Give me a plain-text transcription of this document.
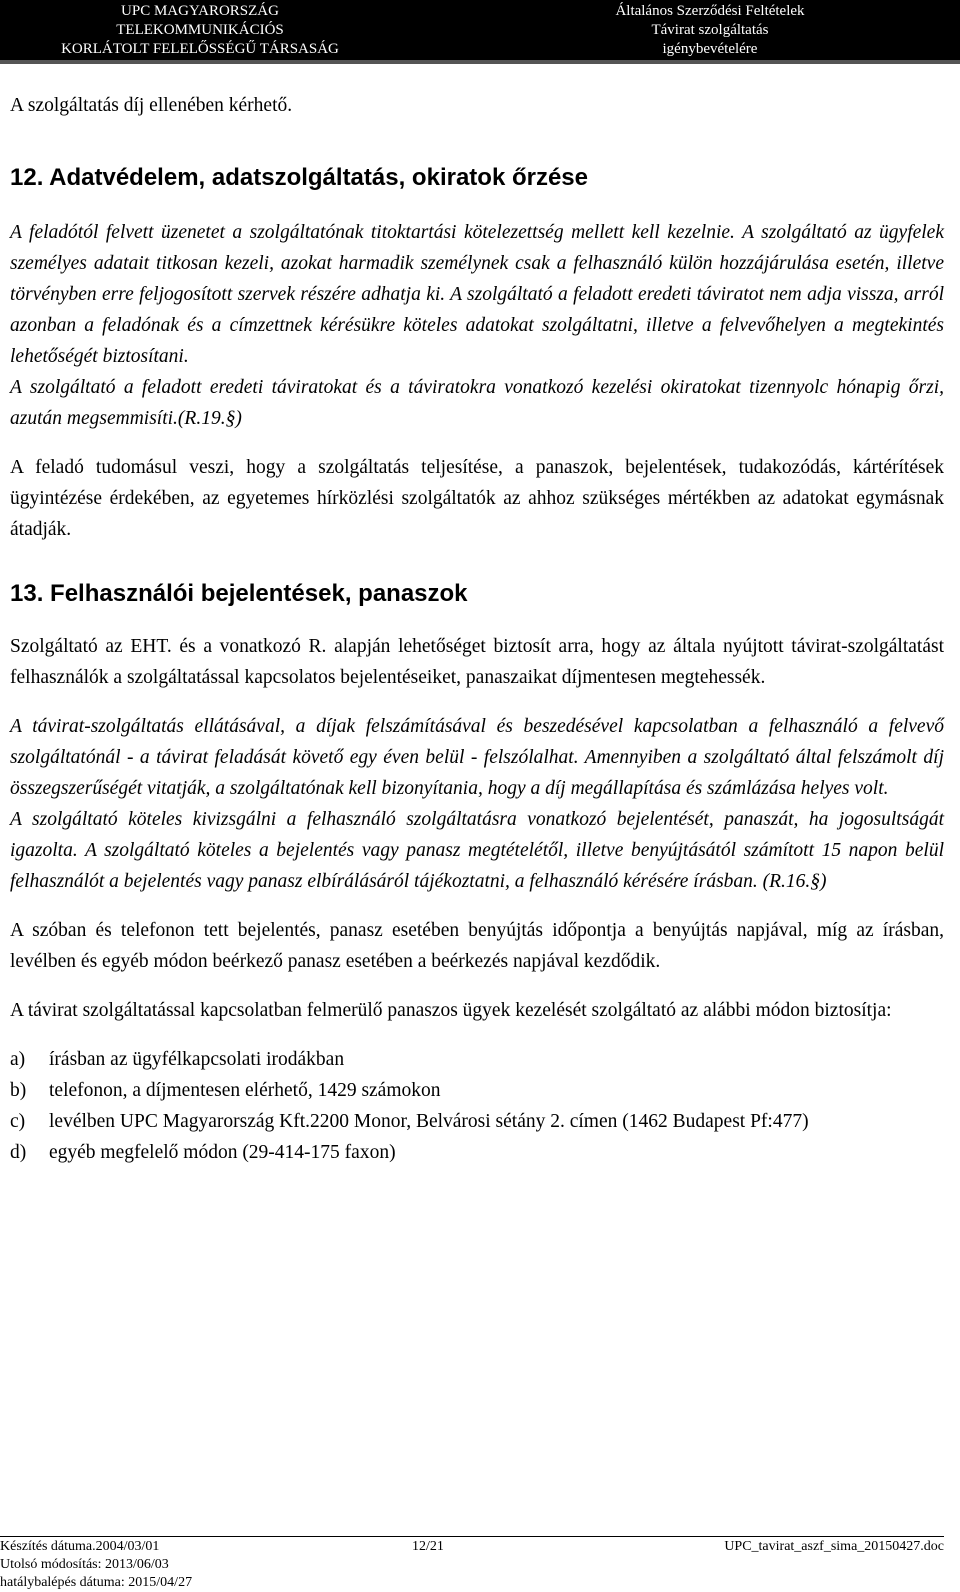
UPC MAGYARORSZÁG
TELEKOMMUNIKÁCIÓS
KORLÁTOLT FELELŐSSÉGŰ TÁRSASÁG
Általános Szerződési Feltételek
Távirat szolgáltatás
igénybevételére

A szolgáltatás díj ellenében kérhető.

12. Adatvédelem, adatszolgáltatás, okiratok őrzése

A feladótól felvett üzenetet a szolgáltatónak titoktartási kötelezettség mellett kell kezelnie. A szolgáltató az ügyfelek személyes adatait titkosan kezeli, azokat harmadik személynek csak a felhasználó külön hozzájárulása esetén, illetve törvényben erre feljogosított szervek részére adhatja ki. A szolgáltató a feladott eredeti táviratot nem adja vissza, arról azonban a feladónak és a címzettnek kérésükre köteles adatokat szolgáltatni, illetve a felvevőhelyen a megtekintés lehetőségét biztosítani.

A szolgáltató a feladott eredeti táviratokat és a táviratokra vonatkozó kezelési okiratokat tizennyolc hónapig őrzi, azután megsemmisíti.(R.19.§)

A feladó tudomásul veszi, hogy a szolgáltatás teljesítése, a panaszok, bejelentések, tudakozódás, kártérítések ügyintézése érdekében, az egyetemes hírközlési szolgáltatók az ahhoz szükséges mértékben az adatokat egymásnak átadják.

13. Felhasználói bejelentések, panaszok

Szolgáltató az EHT. és a vonatkozó R. alapján lehetőséget biztosít arra, hogy az általa nyújtott távirat-szolgáltatást felhasználók a szolgáltatással kapcsolatos bejelentéseiket, panaszaikat díjmentesen megtehessék.

A távirat-szolgáltatás ellátásával, a díjak felszámításával és beszedésével kapcsolatban a felhasználó a felvevő szolgáltatónál - a távirat feladását követő egy éven belül - felszólalhat. Amennyiben a szolgáltató által felszámolt díj összegszerűségét vitatják, a szolgáltatónak kell bizonyítania, hogy a díj megállapítása és számlázása helyes volt.

A szolgáltató köteles kivizsgálni a felhasználó szolgáltatásra vonatkozó bejelentését, panaszát, ha jogosultságát igazolta. A szolgáltató köteles a bejelentés vagy panasz megtételétől, illetve benyújtásától számított 15 napon belül felhasználót a bejelentés vagy panasz elbírálásáról tájékoztatni, a felhasználó kérésére írásban. (R.16.§)

A szóban és telefonon tett bejelentés, panasz esetében benyújtás időpontja a benyújtás napjával, míg az írásban, levélben és egyéb módon beérkező panasz esetében a beérkezés napjával kezdődik.

A távirat szolgáltatással kapcsolatban felmerülő panaszos ügyek kezelését szolgáltató az alábbi módon biztosítja:

a) írásban az ügyfélkapcsolati irodákban
b) telefonon, a díjmentesen elérhető, 1429 számokon
c) levélben UPC Magyarország Kft.2200 Monor, Belvárosi sétány 2. címen (1462 Budapest Pf:477)
d) egyéb megfelelő módon (29-414-175 faxon)
Készítés dátuma.2004/03/01
Utolsó módosítás: 2013/06/03
hatálybalépés dátuma: 2015/04/27
12/21	UPC_tavirat_aszf_sima_20150427.doc
